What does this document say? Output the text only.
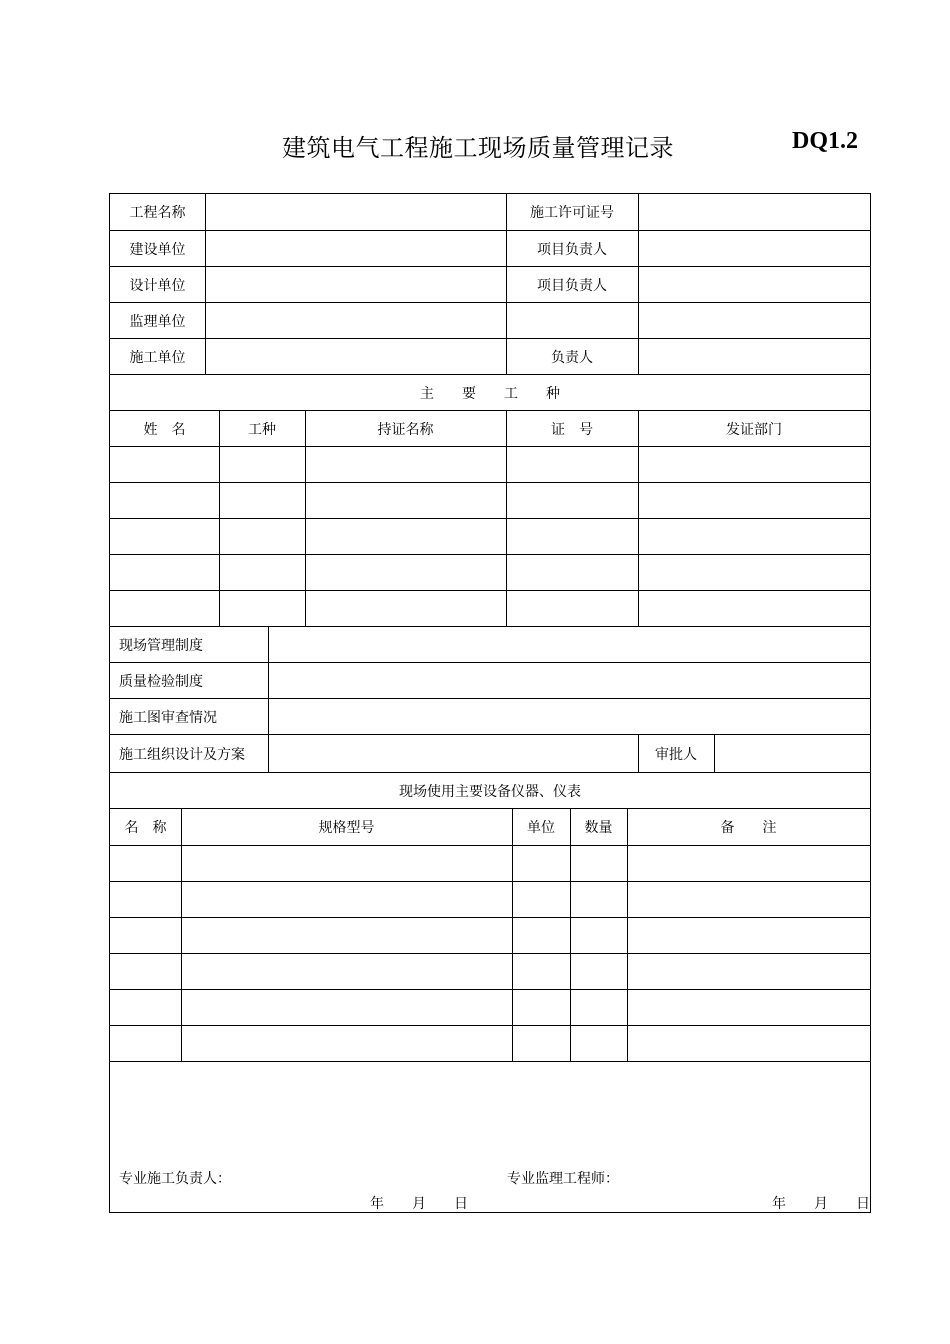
建筑电气工程施工现场质量管理记录	DQ1.2
工程名称	施工许可证号
建设单位	项目负责人
设计单位	项目负责人
监理单位
施工单位	负责人
主　　要　　工　　种
姓　名	工种	持证名称	证　号	发证部门
现场管理制度
质量检验制度
施工图审查情况
施工组织设计及方案	审批人
现场使用主要设备仪器、仪表
名　称	规格型号	单位	数量	备　　注
专业施工负责人：	专业监理工程师：
年　　月　　日	年　　月　　日
